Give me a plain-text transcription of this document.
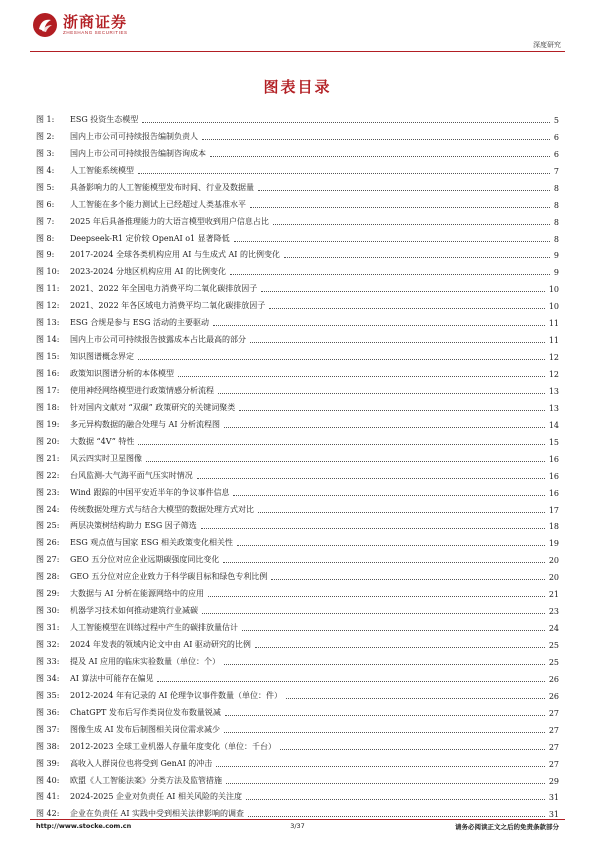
浙商证券
ZHESHANG SECURITIES
深度研究
图表目录
图 1:	ESG 投资生态模型	5
图 2:	国内上市公司可持续报告编制负责人	6
图 3:	国内上市公司可持续报告编制咨询成本	6
图 4:	人工智能系统模型	7
图 5:	具备影响力的人工智能模型发布时间、行业及数据量	8
图 6:	人工智能在多个能力测试上已经超过人类基准水平	8
图 7:	2025 年后具备推理能力的大语言模型收到用户信息占比	8
图 8:	Deepseek-R1 定价较 OpenAI o1 显著降低	8
图 9:	2017-2024 全球各类机构应用 AI 与生成式 AI 的比例变化	9
图 10:	2023-2024 分地区机构应用 AI 的比例变化	9
图 11:	2021、2022 年全国电力消费平均二氧化碳排放因子	10
图 12:	2021、2022 年各区域电力消费平均二氧化碳排放因子	10
图 13:	ESG 合规是参与 ESG 活动的主要驱动	11
图 14:	国内上市公司可持续报告披露成本占比最高的部分	11
图 15:	知识图谱概念界定	12
图 16:	政策知识图谱分析的本体模型	12
图 17:	使用神经网络模型进行政策情感分析流程	13
图 18:	针对国内文献对 “双碳” 政策研究的关键词聚类	13
图 19:	多元异构数据的融合处理与 AI 分析流程图	14
图 20:	大数据 “4V” 特性	15
图 21:	风云四实时卫星图像	16
图 22:	台风监测-大气海平面气压实时情况	16
图 23:	Wind 跟踪的中国平安近半年的争议事件信息	16
图 24:	传统数据处理方式与结合大模型的数据处理方式对比	17
图 25:	两层决策树结构助力 ESG 因子筛选	18
图 26:	ESG 观点值与国家 ESG 相关政策变化相关性	19
图 27:	GEO 五分位对应企业远期碳强度同比变化	20
图 28:	GEO 五分位对应企业致力于科学碳目标和绿色专利比例	20
图 29:	大数据与 AI 分析在能源网络中的应用	21
图 30:	机器学习技术如何推动建筑行业减碳	23
图 31:	人工智能模型在训练过程中产生的碳排放量估计	24
图 32:	2024 年发表的领域内论文中由 AI 驱动研究的比例	25
图 33:	提及 AI 应用的临床实验数量（单位：个）	25
图 34:	AI 算法中可能存在偏见	26
图 35:	2012-2024 年有记录的 AI 伦理争议事件数量（单位：件）	26
图 36:	ChatGPT 发布后写作类岗位发布数量锐减	27
图 37:	图像生成 AI 发布后制图相关岗位需求减少	27
图 38:	2012-2023 全球工业机器人存量年度变化（单位：千台）	27
图 39:	高收入人群岗位也将受到 GenAI 的冲击	27
图 40:	欧盟《人工智能法案》分类方法及监管措施	29
图 41:	2024-2025 企业对负责任 AI 相关风险的关注度	31
图 42:	企业在负责任 AI 实践中受到相关法律影响的调查	31
http://www.stocke.com.cn	3/37	请务必阅读正文之后的免责条款部分
